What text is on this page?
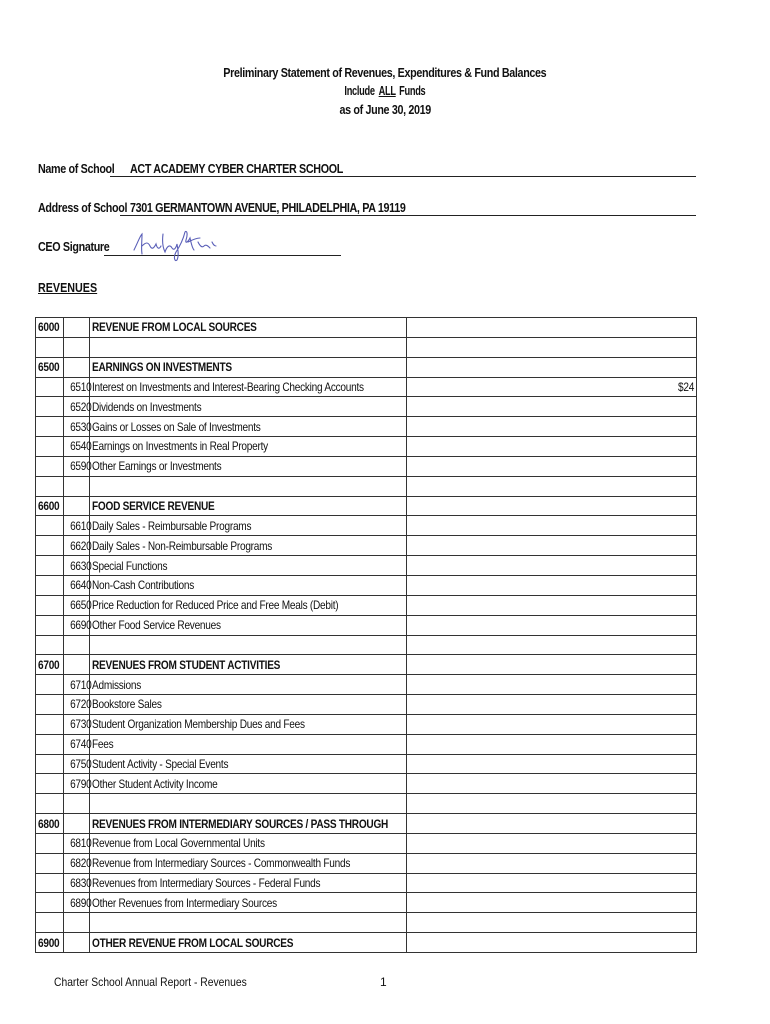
Preliminary Statement of Revenues, Expenditures & Fund Balances
IncludeALLFunds
as of June 30, 2019
Name of School	ACT ACADEMY CYBER CHARTER SCHOOL
Address of School 7301 GERMANTOWN AVENUE, PHILADELPHIA, PA 19119
CEO Signature
REVENUES
6000		REVENUE FROM LOCAL SOURCES	

6500		EARNINGS ON INVESTMENTS	
	6510	Interest on Investments and Interest-Bearing Checking Accounts	$24
	6520	Dividends on Investments	
	6530	Gains or Losses on Sale of Investments	
	6540	Earnings on Investments in Real Property	
	6590	Other Earnings or Investments	

6600		FOOD SERVICE REVENUE	
	6610	Daily Sales - Reimbursable Programs	
	6620	Daily Sales - Non-Reimbursable Programs	
	6630	Special Functions	
	6640	Non-Cash Contributions	
	6650	Price Reduction for Reduced Price and Free Meals (Debit)	
	6690	Other Food Service Revenues	

6700		REVENUES FROM STUDENT ACTIVITIES	
	6710	Admissions	
	6720	Bookstore Sales	
	6730	Student Organization Membership Dues and Fees	
	6740	Fees	
	6750	Student Activity - Special Events	
	6790	Other Student Activity Income	

6800		REVENUES FROM INTERMEDIARY SOURCES / PASS THROUGH	
	6810	Revenue from Local Governmental Units	
	6820	Revenue from Intermediary Sources - Commonwealth Funds	
	6830	Revenues from Intermediary Sources - Federal Funds	
	6890	Other Revenues from Intermediary Sources	

6900		OTHER REVENUE FROM LOCAL SOURCES	
Charter School Annual Report - Revenues	1
